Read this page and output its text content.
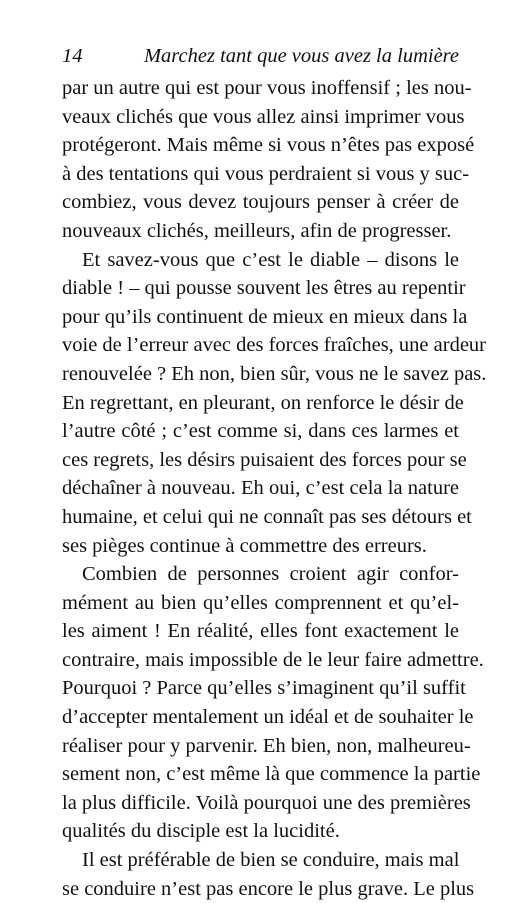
14	Marchez tant que vous avez la lumière
par un autre qui est pour vous inoffensif ; les nou-
veaux clichés que vous allez ainsi imprimer vous
protégeront. Mais même si vous n’êtes pas exposé
à des tentations qui vous perdraient si vous y suc-
combiez, vous devez toujours penser à créer de
nouveaux clichés, meilleurs, afin de progresser.
Et savez-vous que c’est le diable – disons le
diable ! – qui pousse souvent les êtres au repentir
pour qu’ils continuent de mieux en mieux dans la
voie de l’erreur avec des forces fraîches, une ardeur
renouvelée ? Eh non, bien sûr, vous ne le savez pas.
En regrettant, en pleurant, on renforce le désir de
l’autre côté ; c’est comme si, dans ces larmes et
ces regrets, les désirs puisaient des forces pour se
déchaîner à nouveau. Eh oui, c’est cela la nature
humaine, et celui qui ne connaît pas ses détours et
ses pièges continue à commettre des erreurs.
Combien de personnes croient agir confor-
mément au bien qu’elles comprennent et qu’el-
les aiment ! En réalité, elles font exactement le
contraire, mais impossible de le leur faire admettre.
Pourquoi ? Parce qu’elles s’imaginent qu’il suffit
d’accepter mentalement un idéal et de souhaiter le
réaliser pour y parvenir. Eh bien, non, malheureu-
sement non, c’est même là que commence la partie
la plus difficile. Voilà pourquoi une des premières
qualités du disciple est la lucidité.
Il est préférable de bien se conduire, mais mal
se conduire n’est pas encore le plus grave. Le plus
